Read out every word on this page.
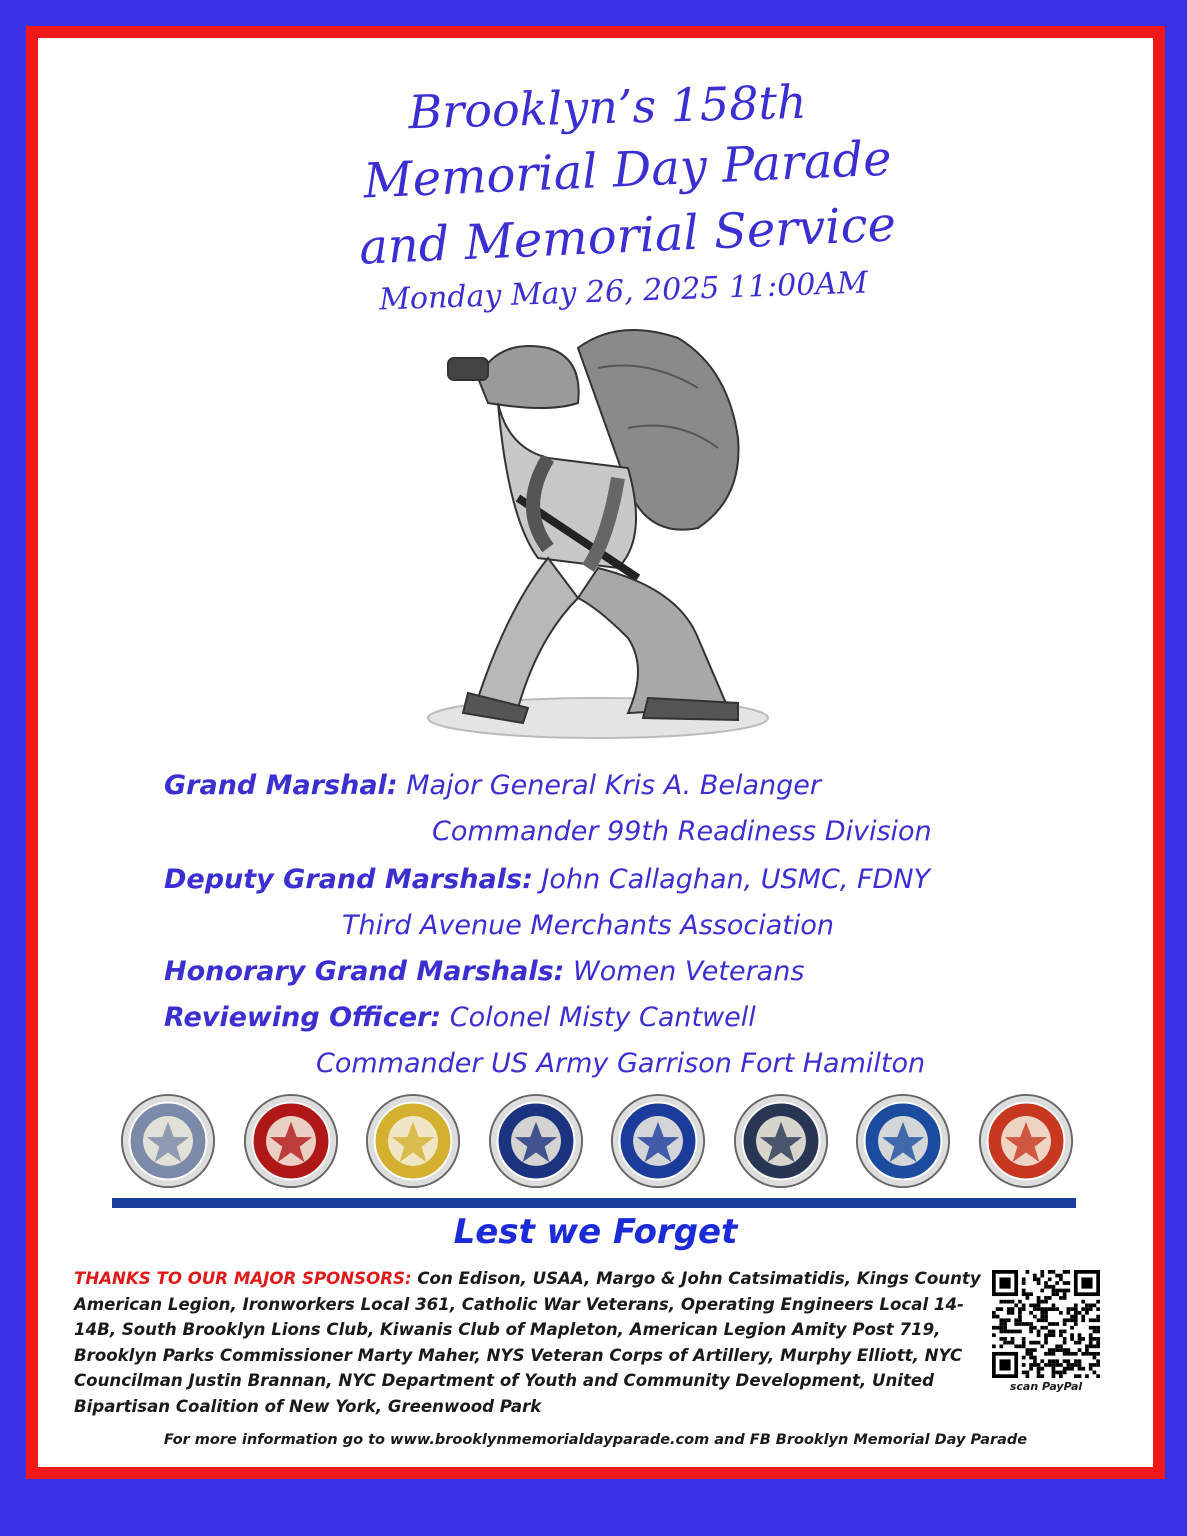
Brooklyn’s 158th
Memorial Day Parade
and Memorial Service
Monday May 26, 2025 11:00AM
Grand Marshal: Major General Kris A. Belanger
Commander 99th Readiness Division
Deputy Grand Marshals: John Callaghan, USMC, FDNY
Third Avenue Merchants Association
Honorary Grand Marshals: Women Veterans
Reviewing Officer: Colonel Misty Cantwell
Commander US Army Garrison Fort Hamilton
Lest we Forget
THANKS TO OUR MAJOR SPONSORS: Con Edison, USAA, Margo & John Catsimatidis, Kings County American Legion, Ironworkers Local 361, Catholic War Veterans, Operating Engineers Local 14-14B, South Brooklyn Lions Club, Kiwanis Club of Mapleton, American Legion Amity Post 719, Brooklyn Parks Commissioner Marty Maher, NYS Veteran Corps of Artillery, Murphy Elliott, NYC Councilman Justin Brannan, NYC Department of Youth and Community Development, United Bipartisan Coalition of New York, Greenwood Park
scan PayPal
For more information go to www.brooklynmemorialdayparade.com and FB Brooklyn Memorial Day Parade
